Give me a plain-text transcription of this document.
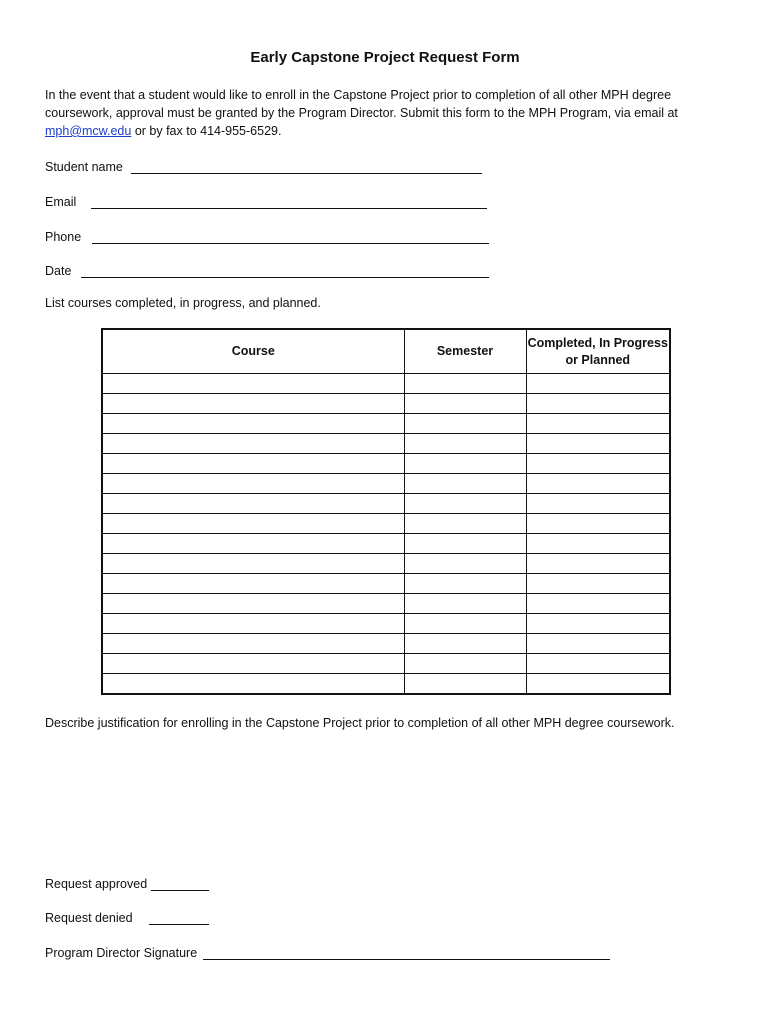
Early Capstone Project Request Form
In the event that a student would like to enroll in the Capstone Project prior to completion of all other MPH degree coursework, approval must be granted by the Program Director. Submit this form to the MPH Program, via email at mph@mcw.edu or by fax to 414-955-6529.
Student name
Email
Phone
Date
List courses completed, in progress, and planned.
Course	Semester	Completed, In Progress or Planned

Describe justification for enrolling in the Capstone Project prior to completion of all other MPH degree coursework.
Request approved
Request denied
Program Director Signature
